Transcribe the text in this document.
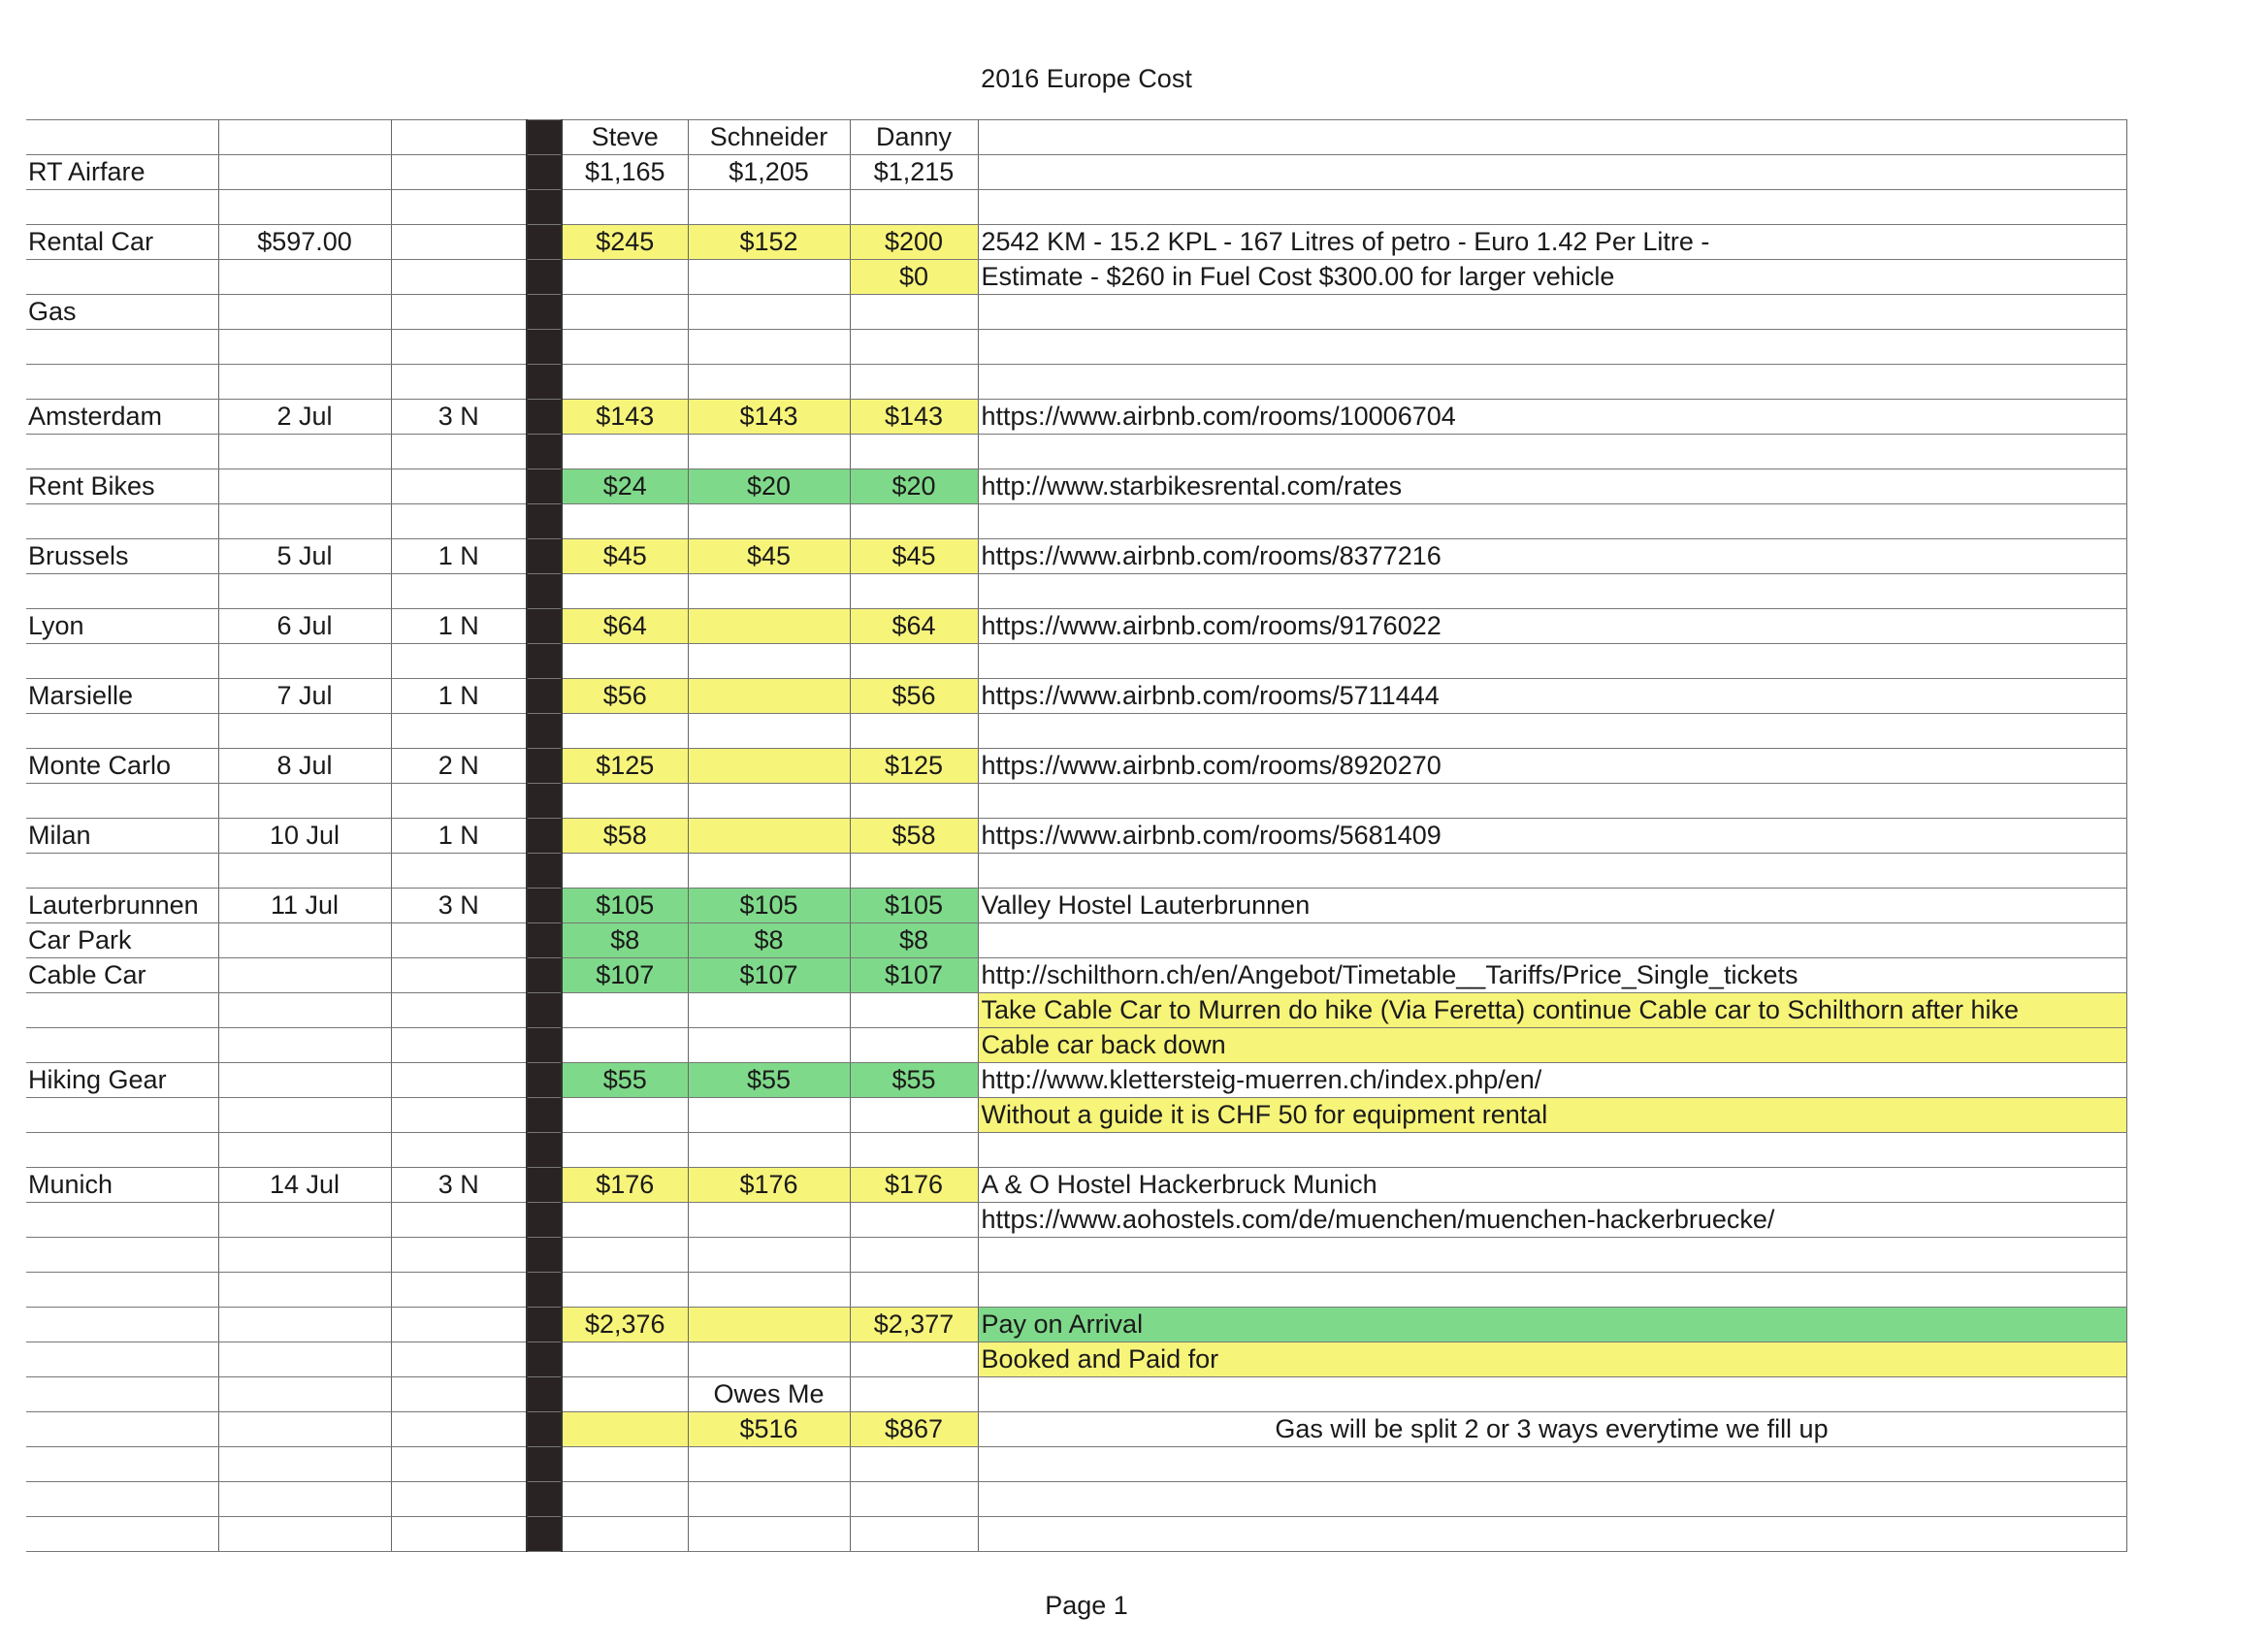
2016 Europe Cost
				Steve	Schneider	Danny	
RT Airfare				$1,165	$1,205	$1,215	

Rental Car	$597.00			$245	$152	$200	2542 KM - 15.2 KPL - 167 Litres of petro - Euro 1.42 Per Litre -
						$0	Estimate - $260 in Fuel Cost $300.00 for larger vehicle
Gas							

Amsterdam	2 Jul	3 N		$143	$143	$143	https://www.airbnb.com/rooms/10006704

Rent Bikes				$24	$20	$20	http://www.starbikesrental.com/rates

Brussels	5 Jul	1 N		$45	$45	$45	https://www.airbnb.com/rooms/8377216

Lyon	6 Jul	1 N		$64		$64	https://www.airbnb.com/rooms/9176022

Marsielle	7 Jul	1 N		$56		$56	https://www.airbnb.com/rooms/5711444

Monte Carlo	8 Jul	2 N		$125		$125	https://www.airbnb.com/rooms/8920270

Milan	10 Jul	1 N		$58		$58	https://www.airbnb.com/rooms/5681409

Lauterbrunnen	11 Jul	3 N		$105	$105	$105	Valley Hostel Lauterbrunnen
Car Park				$8	$8	$8	
Cable Car				$107	$107	$107	http://schilthorn.ch/en/Angebot/Timetable__Tariffs/Price_Single_tickets
							Take Cable Car to Murren do hike (Via Feretta) continue Cable car to Schilthorn after hike
							Cable car back down
Hiking Gear				$55	$55	$55	http://www.klettersteig-muerren.ch/index.php/en/
							Without a guide it is CHF 50 for equipment rental

Munich	14 Jul	3 N		$176	$176	$176	A & O Hostel Hackerbruck Munich
							https://www.aohostels.com/de/muenchen/muenchen-hackerbruecke/

				$2,376		$2,377	Pay on Arrival
							Booked and Paid for
					Owes Me		
					$516	$867	Gas will be split 2 or 3 ways everytime we fill up

Page 1
